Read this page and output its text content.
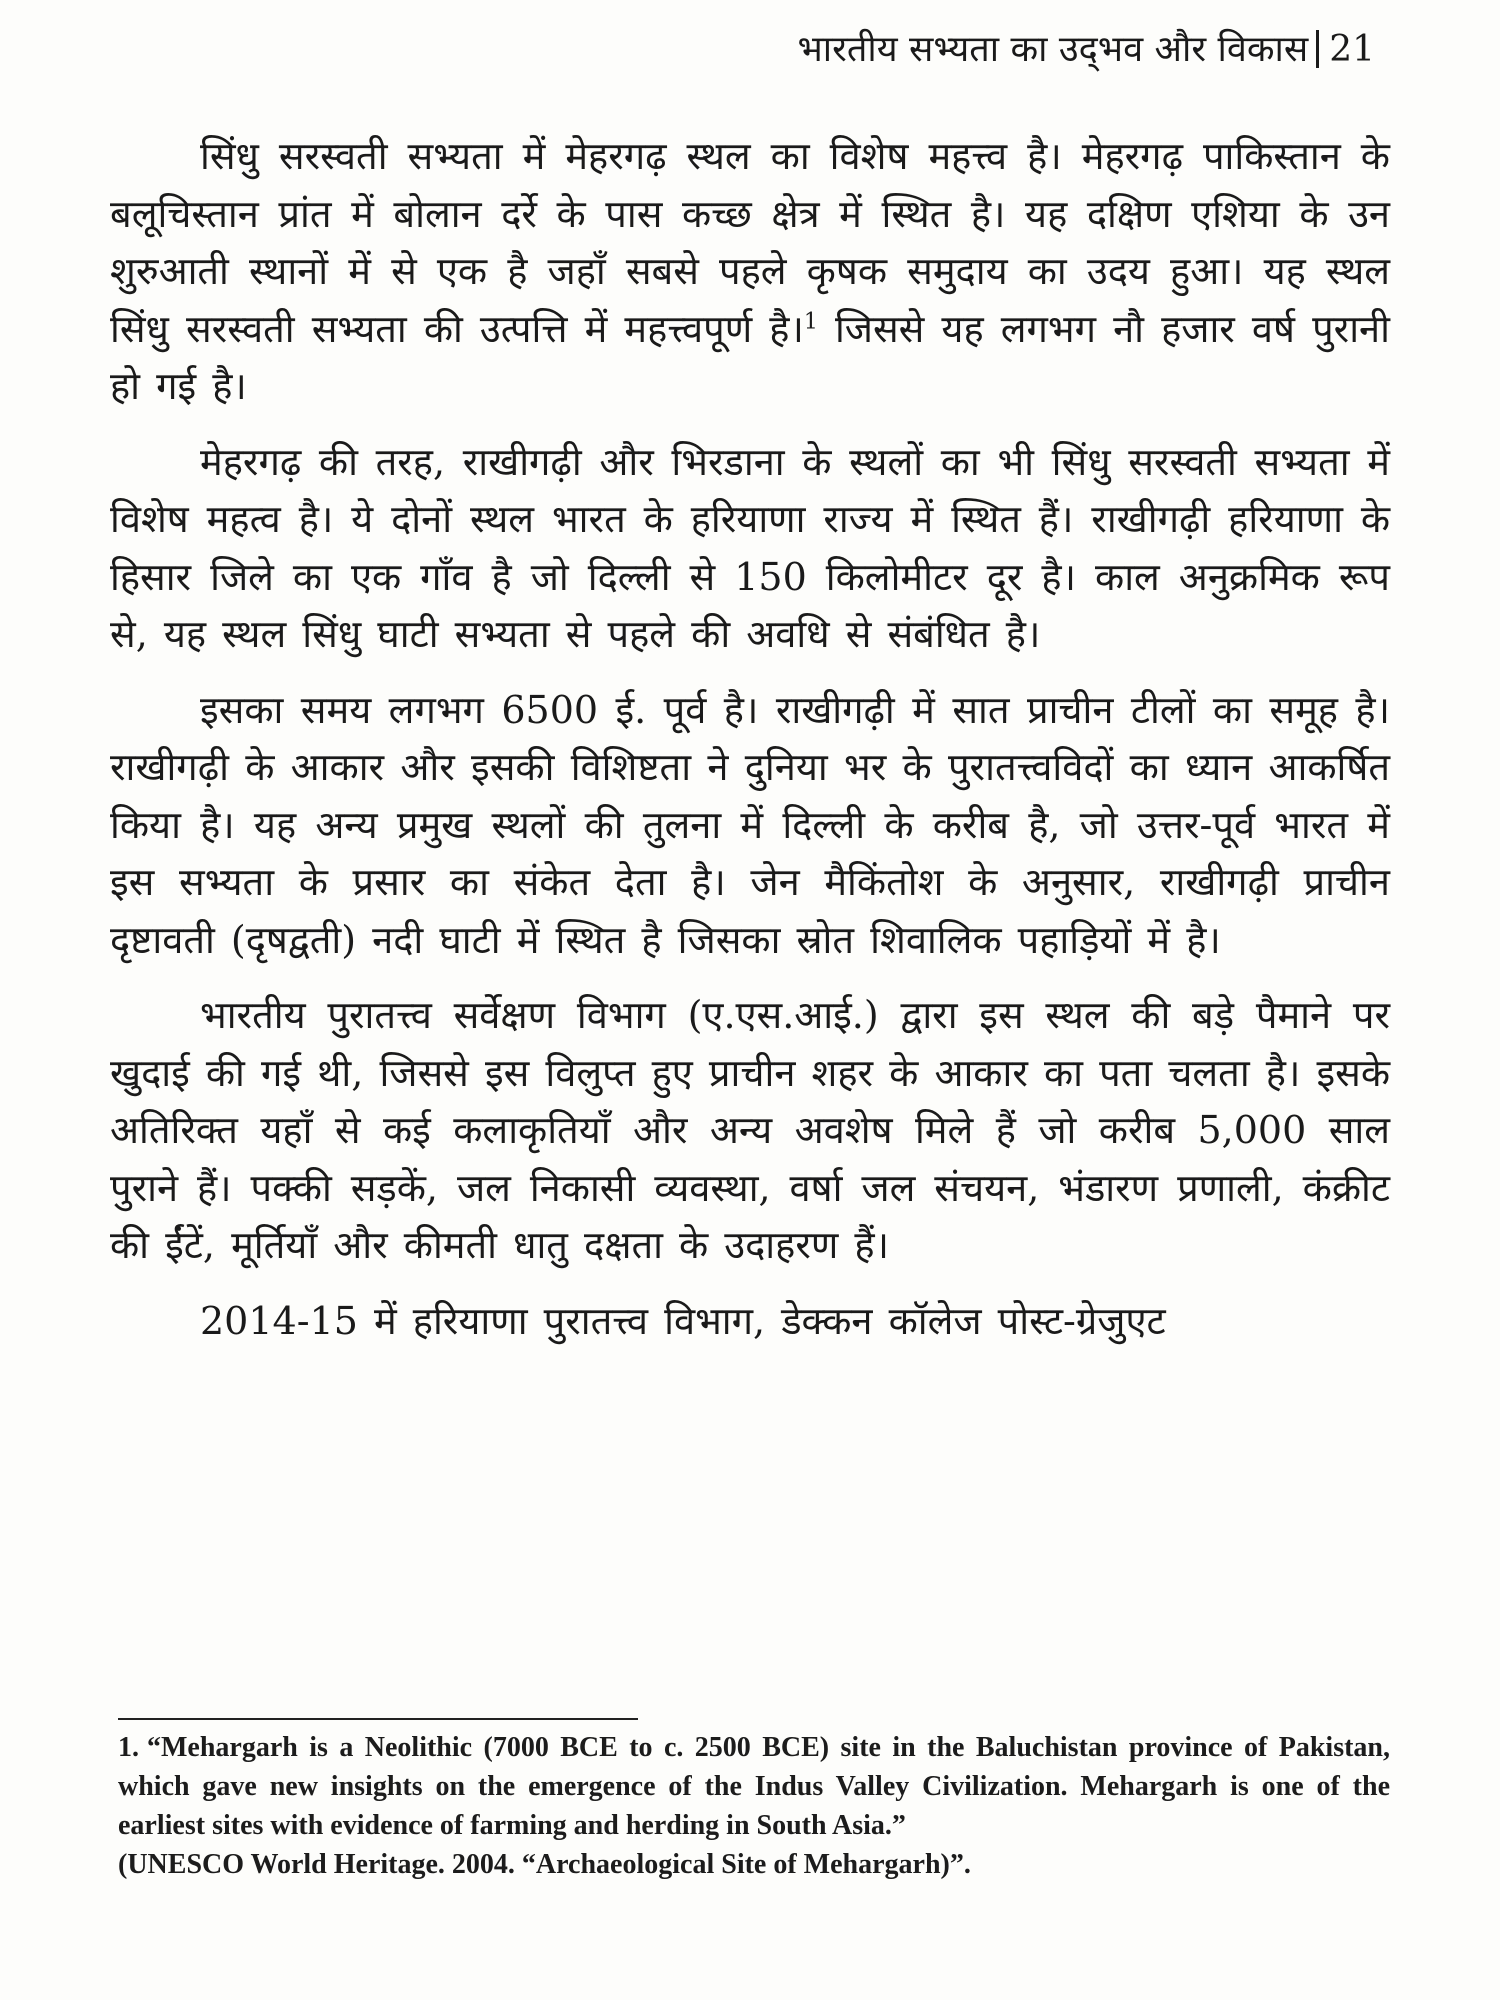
भारतीय सभ्यता का उद्‌भव और विकास 21

सिंधु सरस्वती सभ्यता में मेहरगढ़ स्थल का विशेष महत्त्व है। मेहरगढ़ पाकिस्तान के बलूचिस्तान प्रांत में बोलान दर्रे के पास कच्छ क्षेत्र में स्थित है। यह दक्षिण एशिया के उन शुरुआती स्थानों में से एक है जहाँ सबसे पहले कृषक समुदाय का उदय हुआ। यह स्थल सिंधु सरस्वती सभ्यता की उत्पत्ति में महत्त्वपूर्ण है।$^1$ जिससे यह लगभग नौ हजार वर्ष पुरानी हो गई है।

मेहरगढ़ की तरह, राखीगढ़ी और भिरडाना के स्थलों का भी सिंधु सरस्वती सभ्यता में विशेष महत्व है। ये दोनों स्थल भारत के हरियाणा राज्य में स्थित हैं। राखीगढ़ी हरियाणा के हिसार जिले का एक गाँव है जो दिल्ली से 150 किलोमीटर दूर है। काल अनुक्रमिक रूप से, यह स्थल सिंधु घाटी सभ्यता से पहले की अवधि से संबंधित है।

इसका समय लगभग 6500 ई. पूर्व है। राखीगढ़ी में सात प्राचीन टीलों का समूह है। राखीगढ़ी के आकार और इसकी विशिष्टता ने दुनिया भर के पुरातत्त्वविदों का ध्यान आकर्षित किया है। यह अन्य प्रमुख स्थलों की तुलना में दिल्ली के करीब है, जो उत्तर-पूर्व भारत में इस सभ्यता के प्रसार का संकेत देता है। जेन मैकिंतोश के अनुसार, राखीगढ़ी प्राचीन दृष्टावती (दृषद्वती) नदी घाटी में स्थित है जिसका स्रोत शिवालिक पहाड़ियों में है।

भारतीय पुरातत्त्व सर्वेक्षण विभाग (ए.एस.आई.) द्वारा इस स्थल की बड़े पैमाने पर खुदाई की गई थी, जिससे इस विलुप्त हुए प्राचीन शहर के आकार का पता चलता है। इसके अतिरिक्त यहाँ से कई कलाकृतियाँ और अन्य अवशेष मिले हैं जो करीब 5,000 साल पुराने हैं। पक्की सड़कें, जल निकासी व्यवस्था, वर्षा जल संचयन, भंडारण प्रणाली, कंक्रीट की ईंटें, मूर्तियाँ और कीमती धातु दक्षता के उदाहरण हैं।

2014-15 में हरियाणा पुरातत्त्व विभाग, डेक्कन कॉलेज पोस्ट-ग्रेजुएट

1. “Mehargarh is a Neolithic (7000 BCE to c. 2500 BCE) site in the Baluchistan province of Pakistan, which gave new insights on the emergence of the Indus Valley Civilization. Mehargarh is one of the earliest sites with evidence of farming and herding in South Asia.”

(UNESCO World Heritage. 2004. “Archaeological Site of Mehargarh)”.
